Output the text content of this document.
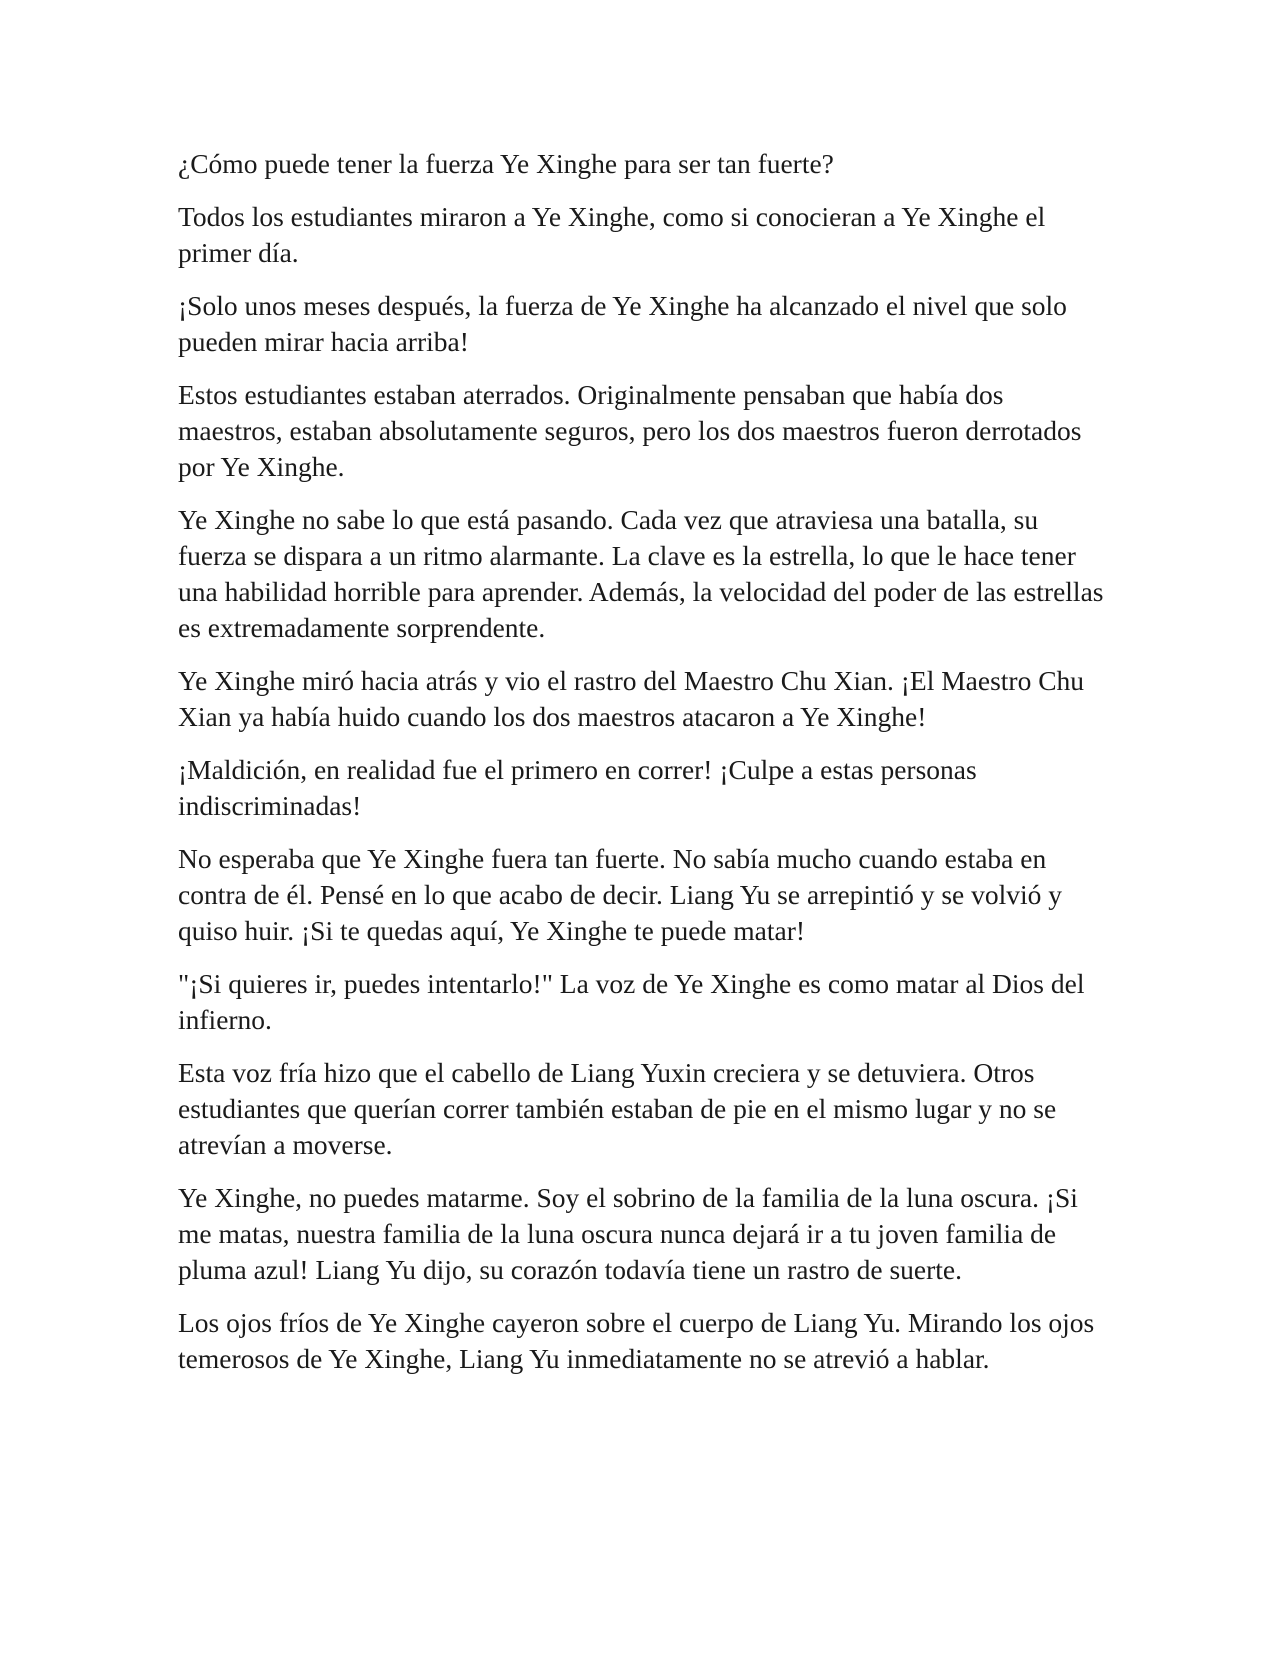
¿Cómo puede tener la fuerza Ye Xinghe para ser tan fuerte?

Todos los estudiantes miraron a Ye Xinghe, como si conocieran a Ye Xinghe el primer día.

¡Solo unos meses después, la fuerza de Ye Xinghe ha alcanzado el nivel que solo pueden mirar hacia arriba!

Estos estudiantes estaban aterrados. Originalmente pensaban que había dos maestros, estaban absolutamente seguros, pero los dos maestros fueron derrotados por Ye Xinghe.

Ye Xinghe no sabe lo que está pasando. Cada vez que atraviesa una batalla, su fuerza se dispara a un ritmo alarmante. La clave es la estrella, lo que le hace tener una habilidad horrible para aprender. Además, la velocidad del poder de las estrellas es extremadamente sorprendente.

Ye Xinghe miró hacia atrás y vio el rastro del Maestro Chu Xian. ¡El Maestro Chu Xian ya había huido cuando los dos maestros atacaron a Ye Xinghe!

¡Maldición, en realidad fue el primero en correr! ¡Culpe a estas personas indiscriminadas!

No esperaba que Ye Xinghe fuera tan fuerte. No sabía mucho cuando estaba en contra de él. Pensé en lo que acabo de decir. Liang Yu se arrepintió y se volvió y quiso huir. ¡Si te quedas aquí, Ye Xinghe te puede matar!

"¡Si quieres ir, puedes intentarlo!" La voz de Ye Xinghe es como matar al Dios del infierno.

Esta voz fría hizo que el cabello de Liang Yuxin creciera y se detuviera. Otros estudiantes que querían correr también estaban de pie en el mismo lugar y no se atrevían a moverse.

Ye Xinghe, no puedes matarme. Soy el sobrino de la familia de la luna oscura. ¡Si me matas, nuestra familia de la luna oscura nunca dejará ir a tu joven familia de pluma azul! Liang Yu dijo, su corazón todavía tiene un rastro de suerte.

Los ojos fríos de Ye Xinghe cayeron sobre el cuerpo de Liang Yu. Mirando los ojos temerosos de Ye Xinghe, Liang Yu inmediatamente no se atrevió a hablar.
